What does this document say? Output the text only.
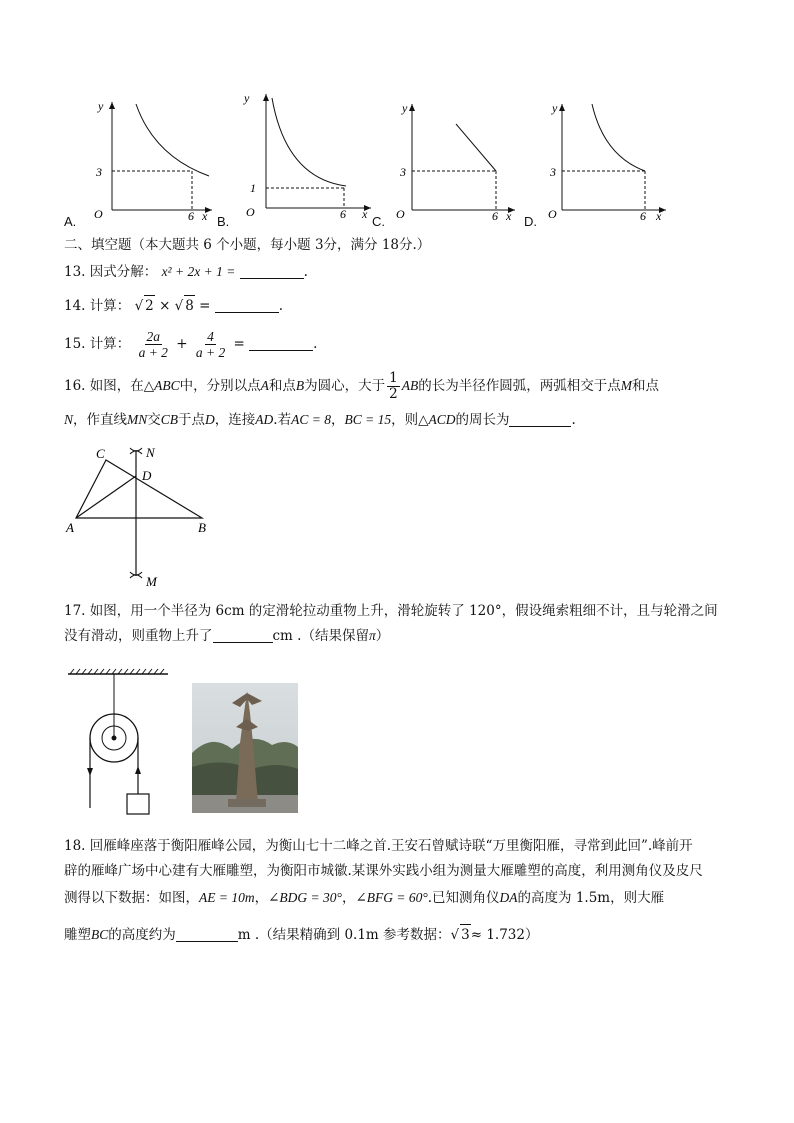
y
3
O	6 x
A.
y
1
O	6 x
B.
y
3
O	6 x
C.
y
3
O	6 x
D.
二、填空题（本大题共 6 个小题，每小题 3分，满分 18分.）
13. 因式分解： x² + 2x + 1 =	.
14. 计算： √ 2 × √ 8 =	.
15. 计算： $\frac{2a}{a + 2} + \frac{4}{a + 2}$ =	.
16. 如图，在△ABC中，分别以点A和点B为圆心，大于 $\frac{1}{2}$ AB的长为半径作圆弧，两弧相交于点M和点
N，作直线MN交CB于点D，连接AD.若AC = 8，BC = 15，则△ACD的周长为	.
C
D
N
A	B
M
17. 如图，用一个半径为 6cm 的定滑轮拉动重物上升，滑轮旋转了 120°，假设绳索粗细不计，且与轮滑之间
没有滑动，则重物上升了	cm .（结果保留π）
18. 回雁峰座落于衡阳雁峰公园，为衡山七十二峰之首.王安石曾赋诗联“万里衡阳雁，寻常到此回”.峰前开
辟的雁峰广场中心建有大雁雕塑，为衡阳市城徽.某课外实践小组为测量大雁雕塑的高度，利用测角仪及皮尺
测得以下数据：如图，AE = 10m，∠BDG = 30°，∠BFG = 60°.已知测角仪DA的高度为 1.5m，则大雁
雕塑BC的高度约为	m .（结果精确到 0.1m 参考数据：√ 3≈ 1.732）
